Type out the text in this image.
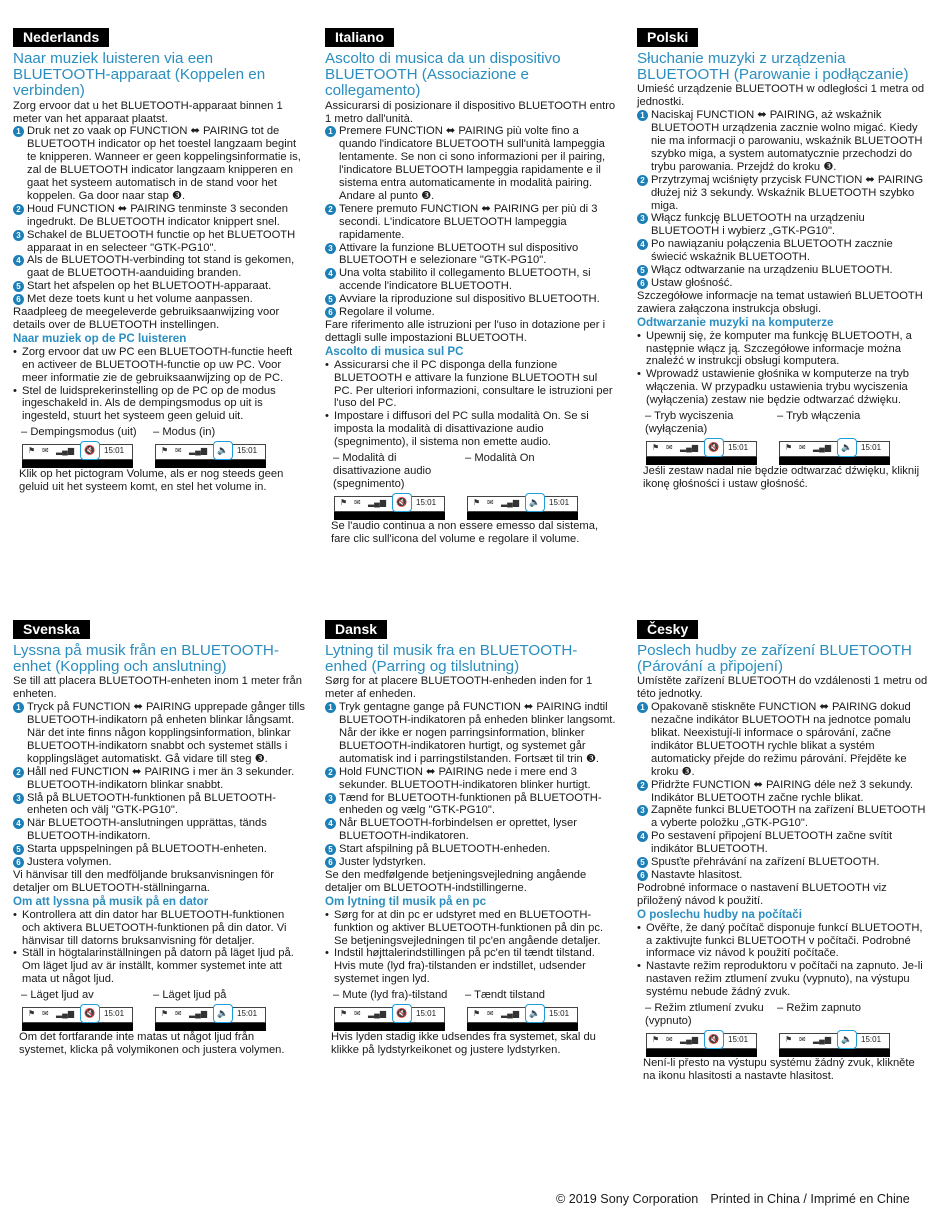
Nederlands
Naar muziek luisteren via een BLUETOOTH-apparaat (Koppelen en verbinden)

Zorg ervoor dat u het BLUETOOTH-apparaat binnen 1 meter van het apparaat plaatst.

1 Druk net zo vaak op FUNCTION ⬌ PAIRING tot de BLUETOOTH indicator op het toestel langzaam begint te knipperen. Wanneer er geen koppelingsinformatie is, zal de BLUETOOTH indicator langzaam knipperen en gaat het systeem automatisch in de stand voor het koppelen. Ga door naar stap ❸.
2 Houd FUNCTION ⬌ PAIRING tenminste 3 seconden ingedrukt. De BLUETOOTH indicator knippert snel.
3 Schakel de BLUETOOTH functie op het BLUETOOTH apparaat in en selecteer "GTK-PG10".
4 Als de BLUETOOTH-verbinding tot stand is gekomen, gaat de BLUETOOTH-aanduiding branden.
5 Start het afspelen op het BLUETOOTH-apparaat.
6 Met deze toets kunt u het volume aanpassen.

Raadpleeg de meegeleverde gebruiksaanwijzing voor details over de BLUETOOTH instellingen.

Naar muziek op de PC luisteren
• Zorg ervoor dat uw PC een BLUETOOTH-functie heeft en activeer de BLUETOOTH-functie op uw PC. Voor meer informatie zie de gebruiksaanwijzing op de PC.
• Stel de luidsprekerinstelling op de PC op de modus ingeschakeld in. Als de dempingsmodus op uit is ingesteld, stuurt het systeem geen geluid uit.
– Dempingsmodus (uit)	– Modus (in)
⚑ ✉ ▂▄▆	🔇	15:01	⚑ ✉ ▂▄▆	🔈	15:01

Klik op het pictogram Volume, als er nog steeds geen geluid uit het systeem komt, en stel het volume in.

Italiano
Ascolto di musica da un dispositivo BLUETOOTH (Associazione e collegamento)

Assicurarsi di posizionare il dispositivo BLUETOOTH entro 1 metro dall'unità.

1 Premere FUNCTION ⬌ PAIRING più volte fino a quando l'indicatore BLUETOOTH sull'unità lampeggia lentamente. Se non ci sono informazioni per il pairing, l'indicatore BLUETOOTH lampeggia rapidamente e il sistema entra automaticamente in modalità pairing. Andare al punto ❸.
2 Tenere premuto FUNCTION ⬌ PAIRING per più di 3 secondi. L'indicatore BLUETOOTH lampeggia rapidamente.
3 Attivare la funzione BLUETOOTH sul dispositivo BLUETOOTH e selezionare "GTK-PG10".
4 Una volta stabilito il collegamento BLUETOOTH, si accende l'indicatore BLUETOOTH.
5 Avviare la riproduzione sul dispositivo BLUETOOTH.
6 Regolare il volume.

Fare riferimento alle istruzioni per l'uso in dotazione per i dettagli sulle impostazioni BLUETOOTH.

Ascolto di musica sul PC
• Assicurarsi che il PC disponga della funzione BLUETOOTH e attivare la funzione BLUETOOTH sul PC. Per ulteriori informazioni, consultare le istruzioni per l'uso del PC.
• Impostare i diffusori del PC sulla modalità On. Se si imposta la modalità di disattivazione audio (spegnimento), il sistema non emette audio.
– Modalità di disattivazione audio (spegnimento)
– Modalità On
⚑ ✉ ▂▄▆	🔇	15:01	⚑ ✉ ▂▄▆	🔈	15:01

Se l'audio continua a non essere emesso dal sistema, fare clic sull'icona del volume e regolare il volume.

Polski
Słuchanie muzyki z urządzenia BLUETOOTH (Parowanie i podłączanie)

Umieść urządzenie BLUETOOTH w odległości 1 metra od jednostki.

1 Naciskaj FUNCTION ⬌ PAIRING, aż wskaźnik BLUETOOTH urządzenia zacznie wolno migać. Kiedy nie ma informacji o parowaniu, wskaźnik BLUETOOTH szybko miga, a system automatycznie przechodzi do trybu parowania. Przejdź do kroku ❸.
2 Przytrzymaj wciśnięty przycisk FUNCTION ⬌ PAIRING dłużej niż 3 sekundy. Wskaźnik BLUETOOTH szybko miga.
3 Włącz funkcję BLUETOOTH na urządzeniu BLUETOOTH i wybierz „GTK-PG10".
4 Po nawiązaniu połączenia BLUETOOTH zacznie świecić wskaźnik BLUETOOTH.
5 Włącz odtwarzanie na urządzeniu BLUETOOTH.
6 Ustaw głośność.

Szczegółowe informacje na temat ustawień BLUETOOTH zawiera załączona instrukcja obsługi.

Odtwarzanie muzyki na komputerze
• Upewnij się, że komputer ma funkcję BLUETOOTH, a następnie włącz ją. Szczegółowe informacje można znaleźć w instrukcji obsługi komputera.
• Wprowadź ustawienie głośnika w komputerze na tryb włączenia. W przypadku ustawienia trybu wyciszenia (wyłączenia) zestaw nie będzie odtwarzać dźwięku.
– Tryb wyciszenia (wyłączenia)
– Tryb włączenia
⚑ ✉ ▂▄▆	🔇	15:01	⚑ ✉ ▂▄▆	🔈	15:01

Jeśli zestaw nadal nie będzie odtwarzać dźwięku, kliknij ikonę głośności i ustaw głośność.

Svenska
Lyssna på musik från en BLUETOOTH-enhet (Koppling och anslutning)

Se till att placera BLUETOOTH-enheten inom 1 meter från enheten.

1 Tryck på FUNCTION ⬌ PAIRING upprepade gånger tills BLUETOOTH-indikatorn på enheten blinkar långsamt. När det inte finns någon kopplingsinformation, blinkar BLUETOOTH-indikatorn snabbt och systemet ställs i kopplingsläget automatiskt. Gå vidare till steg ❸.
2 Håll ned FUNCTION ⬌ PAIRING i mer än 3 sekunder. BLUETOOTH-indikatorn blinkar snabbt.
3 Slå på BLUETOOTH-funktionen på BLUETOOTH-enheten och välj "GTK-PG10".
4 När BLUETOOTH-anslutningen upprättas, tänds BLUETOOTH-indikatorn.
5 Starta uppspelningen på BLUETOOTH-enheten.
6 Justera volymen.

Vi hänvisar till den medföljande bruksanvisningen för detaljer om BLUETOOTH-ställningarna.

Om att lyssna på musik på en dator
• Kontrollera att din dator har BLUETOOTH-funktionen och aktivera BLUETOOTH-funktionen på din dator. Vi hänvisar till datorns bruksanvisning för detaljer.
• Ställ in högtalarinställningen på datorn på läget ljud på. Om läget ljud av är inställt, kommer systemet inte att mata ut något ljud.
– Läget ljud av	– Läget ljud på
⚑ ✉ ▂▄▆	🔇	15:01	⚑ ✉ ▂▄▆	🔈	15:01

Om det fortfarande inte matas ut något ljud från systemet, klicka på volymikonen och justera volymen.

Dansk
Lytning til musik fra en BLUETOOTH-enhed (Parring og tilslutning)

Sørg for at placere BLUETOOTH-enheden inden for 1 meter af enheden.

1 Tryk gentagne gange på FUNCTION ⬌ PAIRING indtil BLUETOOTH-indikatoren på enheden blinker langsomt. Når der ikke er nogen parringsinformation, blinker BLUETOOTH-indikatoren hurtigt, og systemet går automatisk ind i parringstilstanden. Fortsæt til trin ❸.
2 Hold FUNCTION ⬌ PAIRING nede i mere end 3 sekunder. BLUETOOTH-indikatoren blinker hurtigt.
3 Tænd for BLUETOOTH-funktionen på BLUETOOTH-enheden og vælg "GTK-PG10".
4 Når BLUETOOTH-forbindelsen er oprettet, lyser BLUETOOTH-indikatoren.
5 Start afspilning på BLUETOOTH-enheden.
6 Juster lydstyrken.

Se den medfølgende betjeningsvejledning angående detaljer om BLUETOOTH-indstillingerne.

Om lytning til musik på en pc
• Sørg for at din pc er udstyret med en BLUETOOTH-funktion og aktiver BLUETOOTH-funktionen på din pc. Se betjeningsvejledningen til pc'en angående detaljer.
• Indstil højttalerindstillingen på pc'en til tændt tilstand. Hvis mute (lyd fra)-tilstanden er indstillet, udsender systemet ingen lyd.
– Mute (lyd fra)-tilstand	– Tændt tilstand
⚑ ✉ ▂▄▆	🔇	15:01	⚑ ✉ ▂▄▆	🔈	15:01

Hvis lyden stadig ikke udsendes fra systemet, skal du klikke på lydstyrkeikonet og justere lydstyrken.

Česky
Poslech hudby ze zařízení BLUETOOTH (Párování a připojení)

Umístěte zařízení BLUETOOTH do vzdálenosti 1 metru od této jednotky.

1 Opakovaně stiskněte FUNCTION ⬌ PAIRING dokud nezačne indikátor BLUETOOTH na jednotce pomalu blikat. Neexistují-li informace o spárování, začne indikátor BLUETOOTH rychle blikat a systém automaticky přejde do režimu párování. Přejděte ke kroku ❸.
2 Přidržte FUNCTION ⬌ PAIRING déle než 3 sekundy. Indikátor BLUETOOTH začne rychle blikat.
3 Zapněte funkci BLUETOOTH na zařízení BLUETOOTH a vyberte položku „GTK-PG10".
4 Po sestavení připojení BLUETOOTH začne svítit indikátor BLUETOOTH.
5 Spusťte přehrávání na zařízení BLUETOOTH.
6 Nastavte hlasitost.

Podrobné informace o nastavení BLUETOOTH viz přiložený návod k použití.

O poslechu hudby na počítači
• Ověřte, že daný počítač disponuje funkcí BLUETOOTH, a zaktivujte funkci BLUETOOTH v počítači. Podrobné informace viz návod k použití počítače.
• Nastavte režim reproduktoru v počítači na zapnuto. Je-li nastaven režim ztlumení zvuku (vypnuto), na výstupu systému nebude žádný zvuk.
– Režim ztlumení zvuku (vypnuto)
– Režim zapnuto
⚑ ✉ ▂▄▆	🔇	15:01	⚑ ✉ ▂▄▆	🔈	15:01

Není-li přesto na výstupu systému žádný zvuk, klikněte na ikonu hlasitosti a nastavte hlasitost.

© 2019 Sony Corporation Printed in China / Imprimé en Chine
